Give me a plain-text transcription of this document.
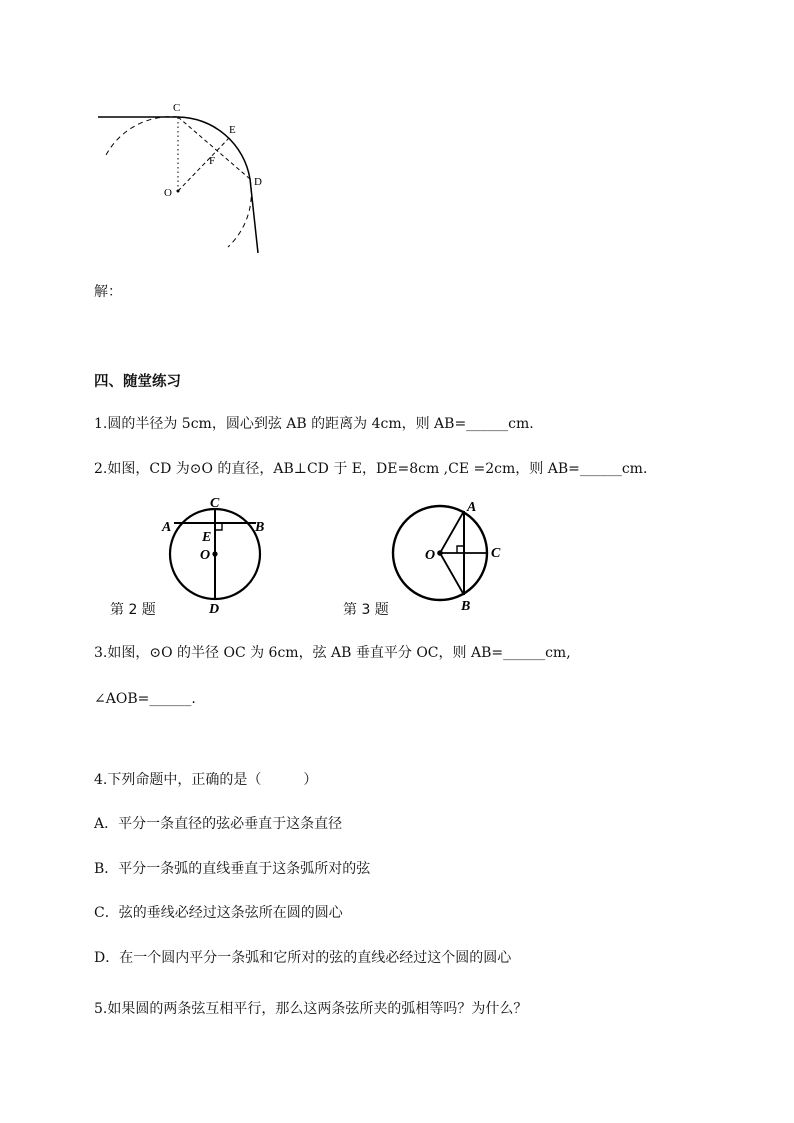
C
E
F
O
D
解：
四、随堂练习
1.圆的半径为 5cm，圆心到弦 AB 的距离为 4cm，则 AB=______cm.
2.如图，CD 为⊙O 的直径，AB⊥CD 于 E，DE=8cm ,CE =2cm，则 AB=______cm.
C
A	B
E
O
D
第 2 题
A
O	C
B
第 3 题
3.如图，⊙O 的半径 OC 为 6cm，弦 AB 垂直平分 OC，则 AB=______cm,
∠AOB=______.
4.下列命题中，正确的是（　　　）
A．平分一条直径的弦必垂直于这条直径
B．平分一条弧的直线垂直于这条弧所对的弦
C．弦的垂线必经过这条弦所在圆的圆心
D．在一个圆内平分一条弧和它所对的弦的直线必经过这个圆的圆心
5.如果圆的两条弦互相平行，那么这两条弦所夹的弧相等吗？为什么？
